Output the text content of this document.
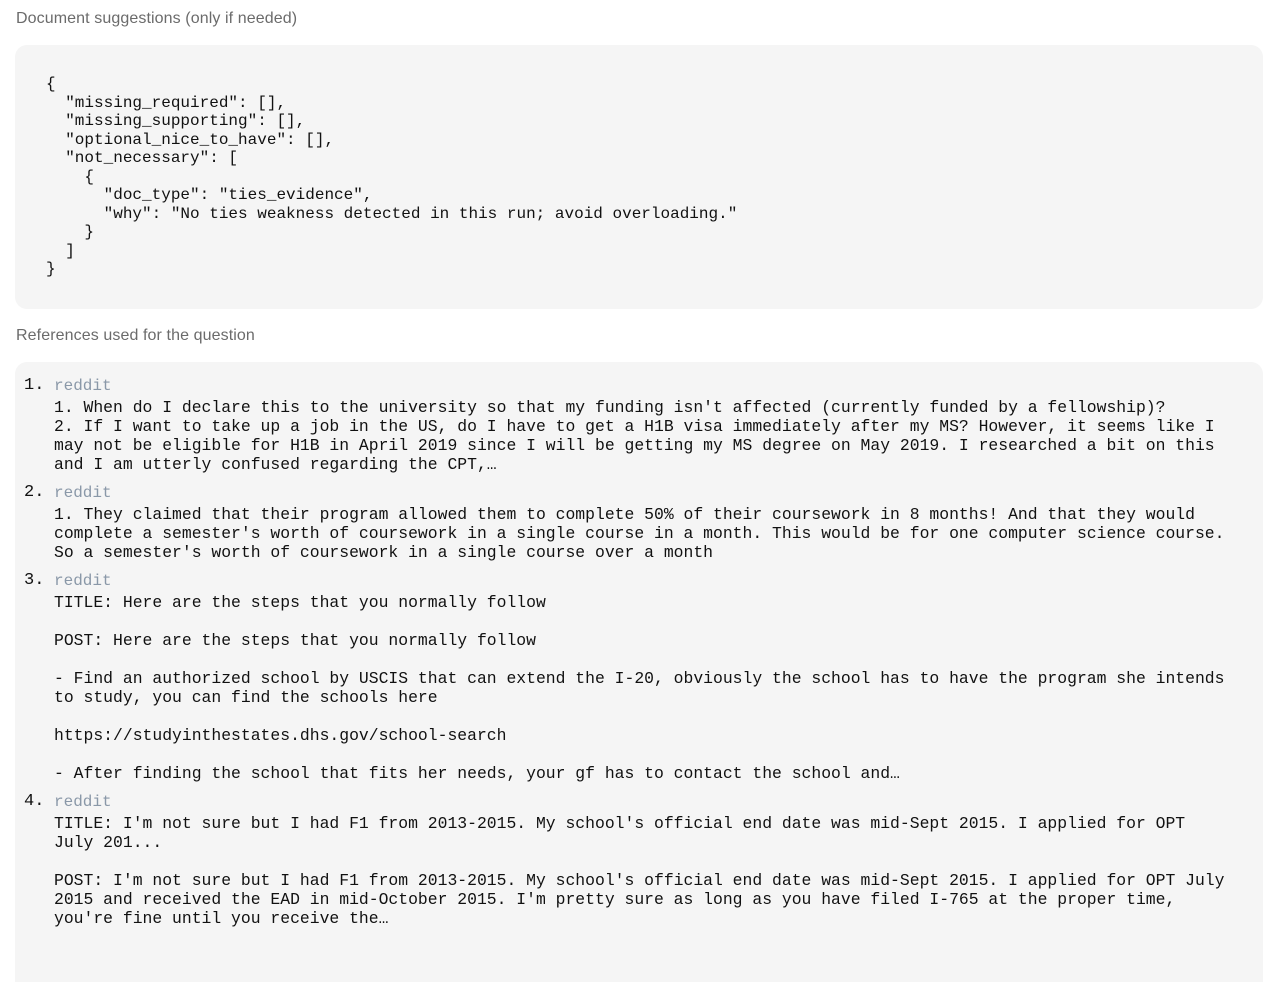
Document suggestions (only if needed)
{
"missing_required": [],
"missing_supporting": [],
"optional_nice_to_have": [],
"not_necessary": [
{
"doc_type": "ties_evidence",
"why": "No ties weakness detected in this run; avoid overloading."
}
]
}
References used for the question
1. reddit
1. When do I declare this to the university so that my funding isn't affected (currently funded by a fellowship)?
2. If I want to take up a job in the US, do I have to get a H1B visa immediately after my MS? However, it seems like I
may not be eligible for H1B in April 2019 since I will be getting my MS degree on May 2019. I researched a bit on this
and I am utterly confused regarding the CPT,…
2. reddit
1. They claimed that their program allowed them to complete 50% of their coursework in 8 months! And that they would
complete a semester's worth of coursework in a single course in a month. This would be for one computer science course.
So a semester's worth of coursework in a single course over a month
3. reddit
TITLE: Here are the steps that you normally follow

POST: Here are the steps that you normally follow

- Find an authorized school by USCIS that can extend the I-20, obviously the school has to have the program she intends
to study, you can find the schools here

https://studyinthestates.dhs.gov/school-search

- After finding the school that fits her needs, your gf has to contact the school and…
4. reddit
TITLE: I'm not sure but I had F1 from 2013-2015. My school's official end date was mid-Sept 2015. I applied for OPT
July 201...

POST: I'm not sure but I had F1 from 2013-2015. My school's official end date was mid-Sept 2015. I applied for OPT July
2015 and received the EAD in mid-October 2015. I'm pretty sure as long as you have filed I-765 at the proper time,
you're fine until you receive the…
